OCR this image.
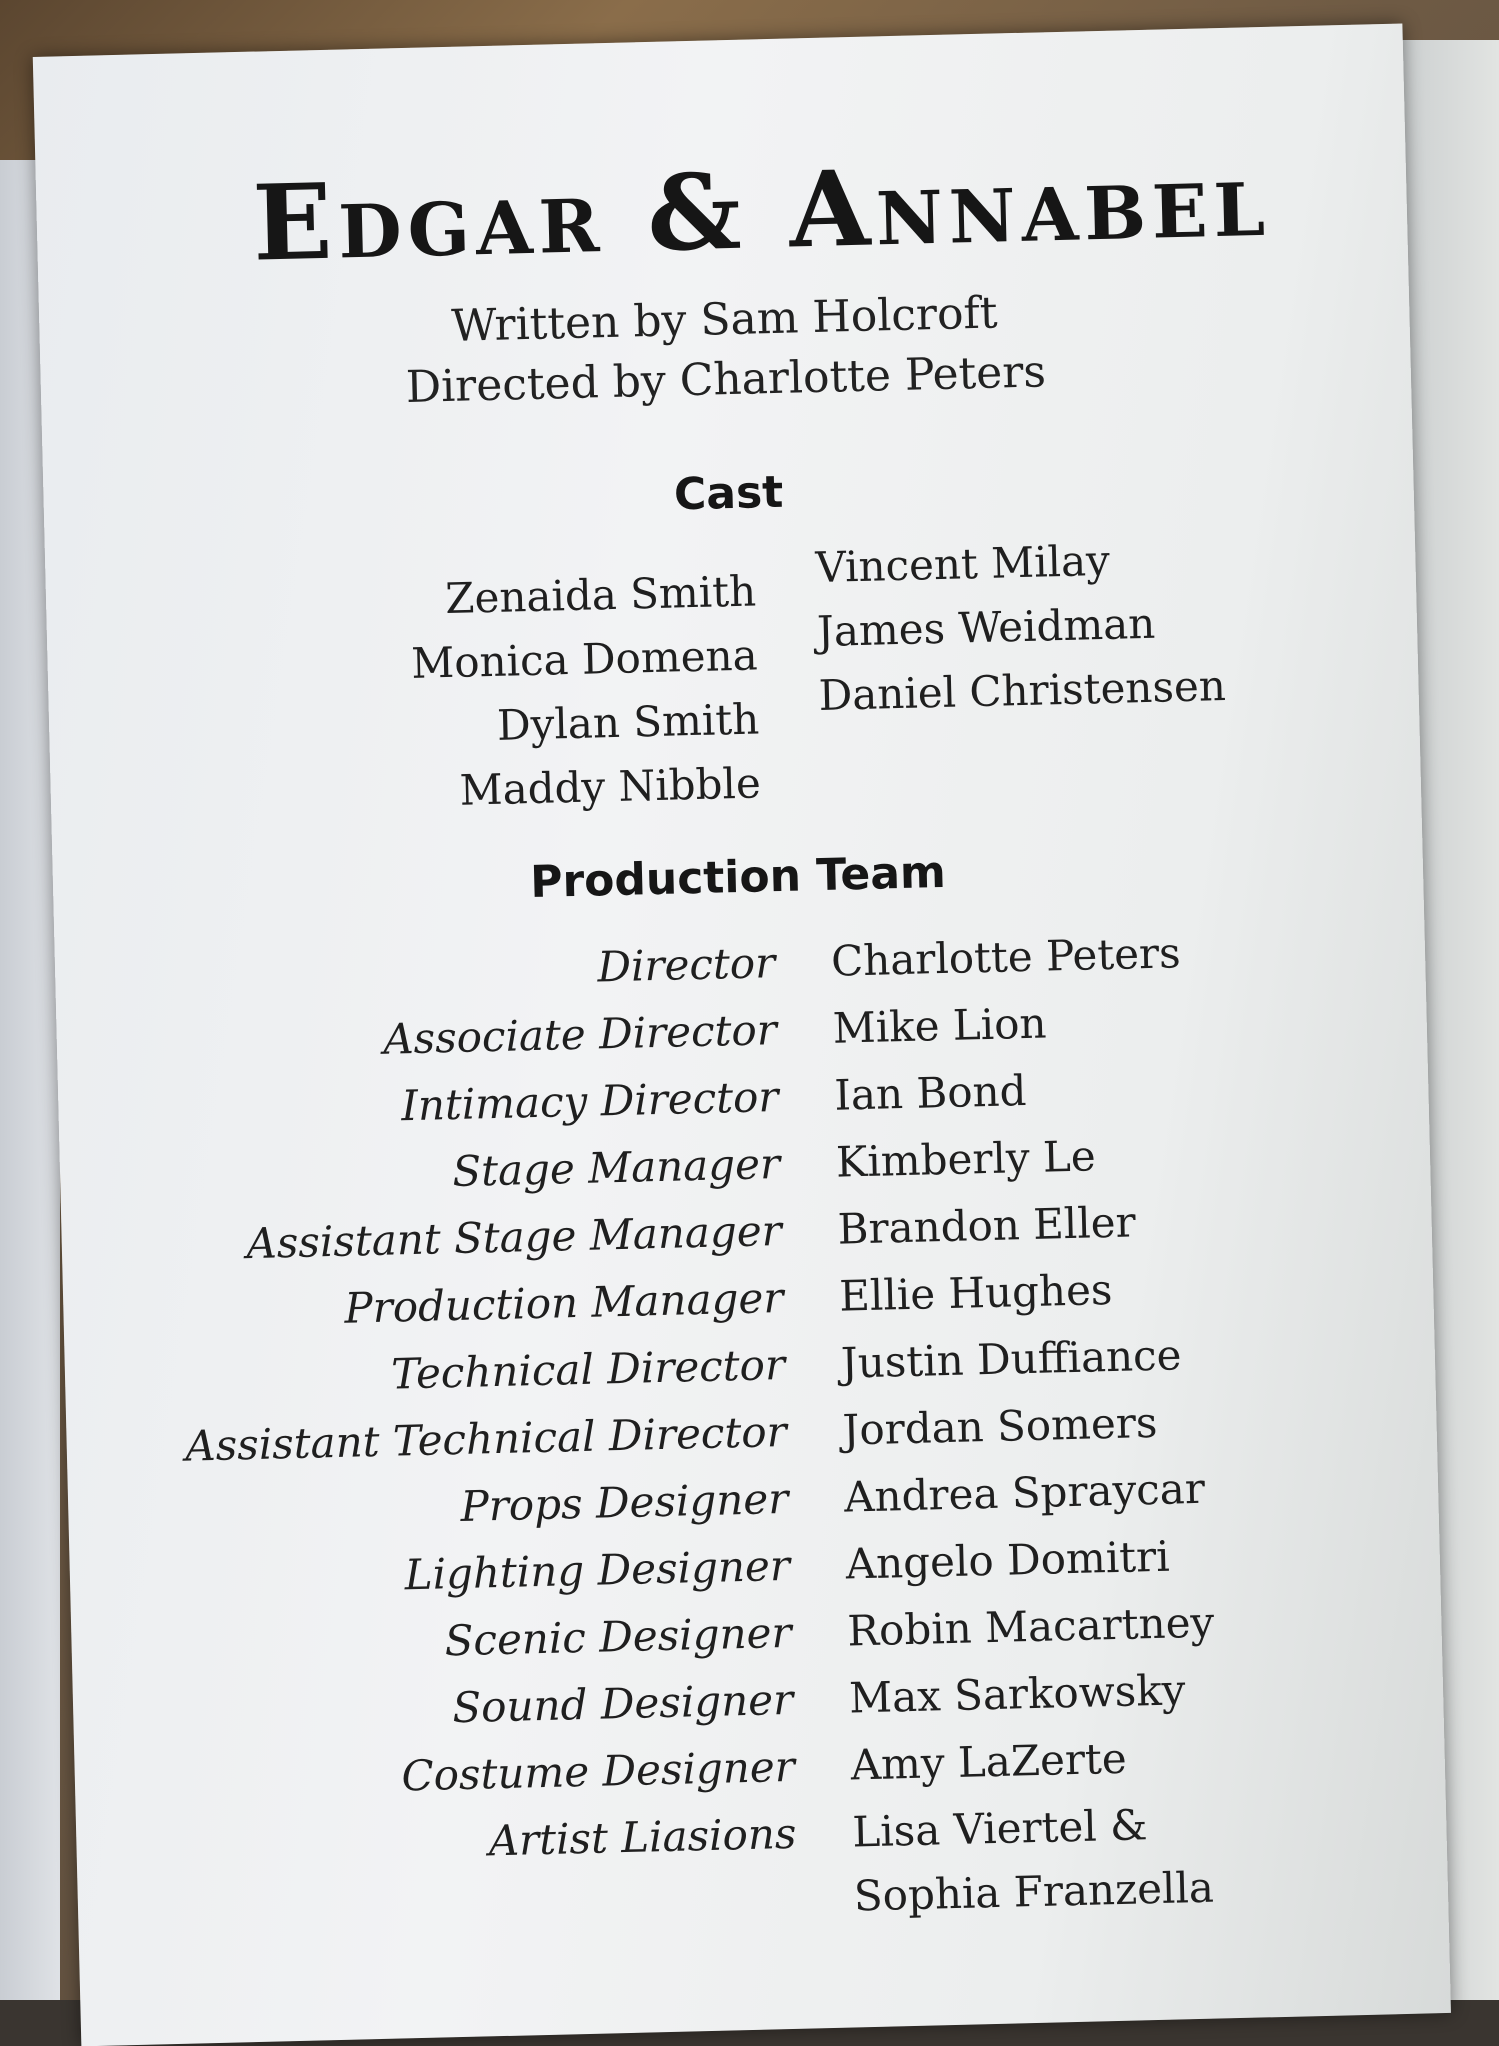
Edgar & Annabel
Written by Sam Holcroft
Directed by Charlotte Peters
Cast
Zenaida Smith
Monica Domena
Dylan Smith
Maddy Nibble
Vincent Milay
James Weidman
Daniel Christensen
Production Team
Director Charlotte Peters
Associate Director Mike Lion
Intimacy Director Ian Bond
Stage Manager Kimberly Le
Assistant Stage Manager Brandon Eller
Production Manager Ellie Hughes
Technical Director Justin Duffiance
Assistant Technical Director Jordan Somers
Props Designer Andrea Spraycar
Lighting Designer Angelo Domitri
Scenic Designer Robin Macartney
Sound Designer Max Sarkowsky
Costume Designer Amy LaZerte
Artist Liasions Lisa Viertel &
Sophia Franzella
